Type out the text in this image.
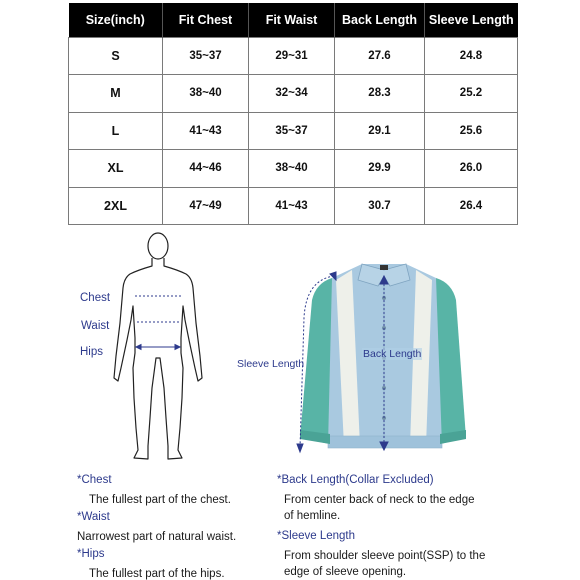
Size(inch)	Fit Chest	Fit Waist	Back Length	Sleeve Length
S	35~37	29~31	27.6	24.8
M	38~40	32~34	28.3	25.2
L	41~43	35~37	29.1	25.6
XL	44~46	38~40	29.9	26.0
2XL	47~49	41~43	30.7	26.4
Chest
Waist
Hips
Sleeve Length
Back Length
*Chest
The fullest part of the chest.
*Waist
Narrowest part of natural waist.
*Hips
The fullest part of the hips.
*Back Length(Collar Excluded)
From center back of neck to the edge
of hemline.
*Sleeve Length
From shoulder sleeve point(SSP) to the
edge of sleeve opening.
